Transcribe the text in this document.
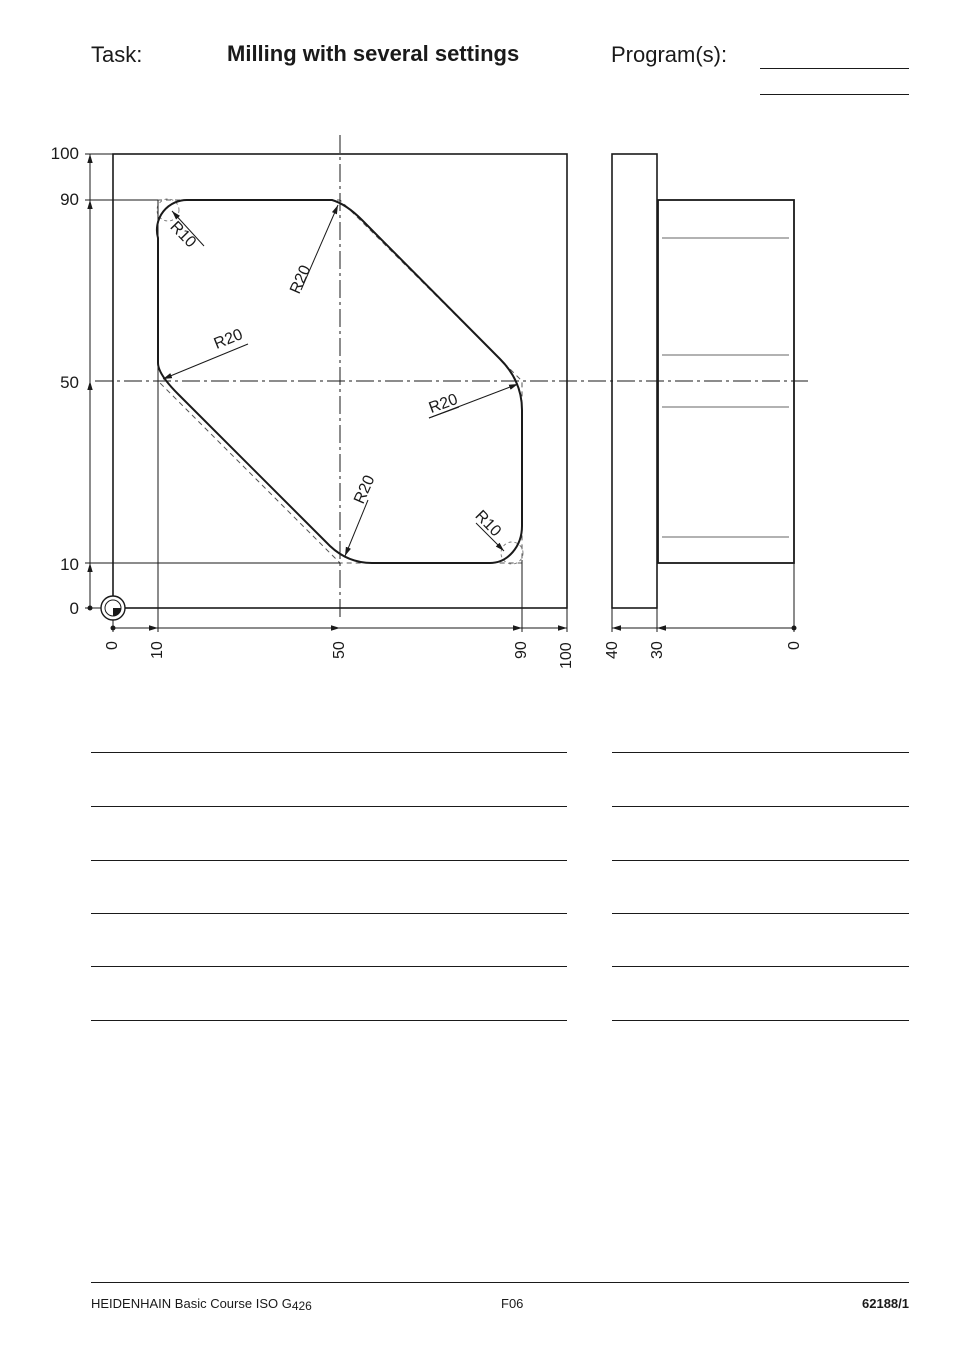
Task:	Milling with several settings	Program(s):
100
90
50
10
0
0 10	50	90 100 40 30	0
R10
R20
R20
R20
R20
R10
HEIDENHAIN Basic Course ISO G426	F06	62188/1
